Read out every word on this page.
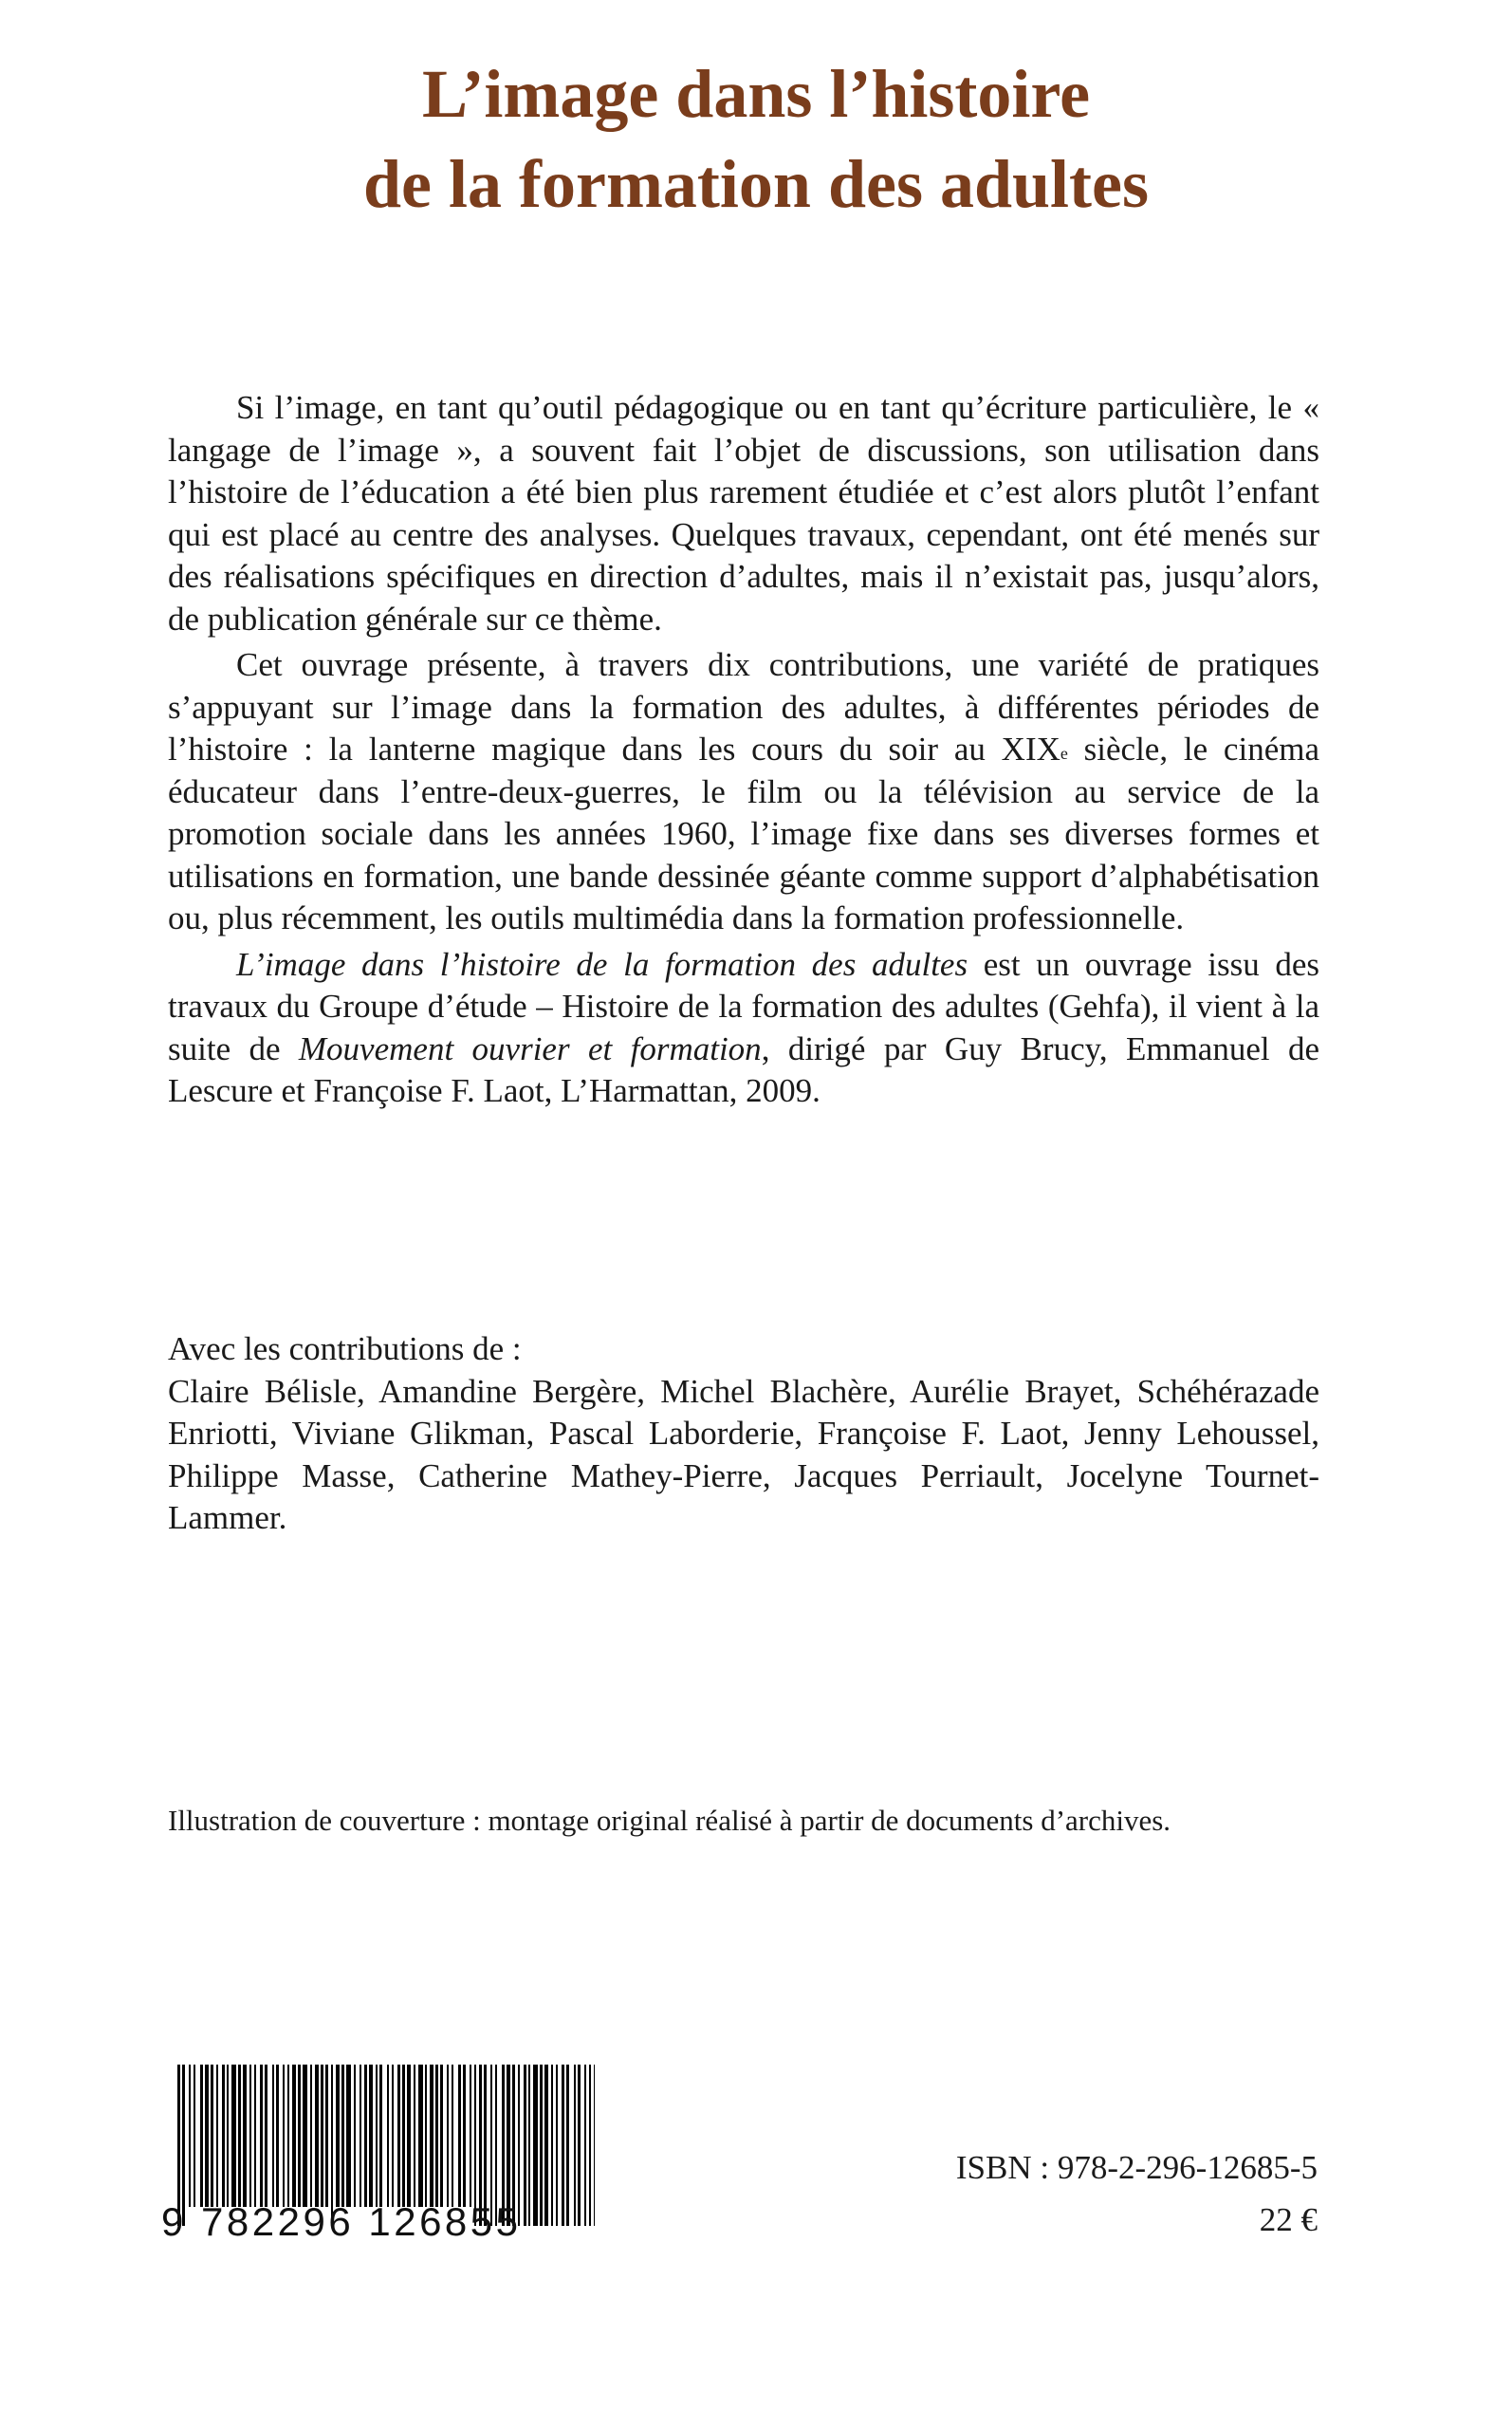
L’image dans l’histoire
de la formation des adultes

Si l’image, en tant qu’outil pédagogique ou en tant qu’écriture particulière, le « langage de l’image », a souvent fait l’objet de discussions, son utilisation dans l’histoire de l’éducation a été bien plus rarement étudiée et c’est alors plutôt l’enfant qui est placé au centre des analyses. Quelques travaux, cependant, ont été menés sur des réalisations spécifiques en direction d’adultes, mais il n’existait pas, jusqu’alors, de publication générale sur ce thème.

Cet ouvrage présente, à travers dix contributions, une variété de pratiques s’appuyant sur l’image dans la formation des adultes, à différentes périodes de l’histoire : la lanterne magique dans les cours du soir au XIXe siècle, le cinéma éducateur dans l’entre-deux-guerres, le film ou la télévision au service de la promotion sociale dans les années 1960, l’image fixe dans ses diverses formes et utilisations en formation, une bande dessinée géante comme support d’alphabétisation ou, plus récemment, les outils multimédia dans la formation professionnelle.

L’image dans l’histoire de la formation des adultes est un ouvrage issu des travaux du Groupe d’étude – Histoire de la formation des adultes (Gehfa), il vient à la suite de Mouvement ouvrier et formation, dirigé par Guy Brucy, Emmanuel de Lescure et Françoise F. Laot, L’Harmattan, 2009.

Avec les contributions de :

Claire Bélisle, Amandine Bergère, Michel Blachère, Aurélie Brayet, Schéhérazade Enriotti, Viviane Glikman, Pascal Laborderie, Françoise F. Laot, Jenny Lehoussel, Philippe Masse, Catherine Mathey-Pierre, Jacques Perriault, Jocelyne Tournet-Lammer.

Illustration de couverture : montage original réalisé à partir de documents d’archives.

9 782296 126855
ISBN : 978-2-296-12685-5
22 €
